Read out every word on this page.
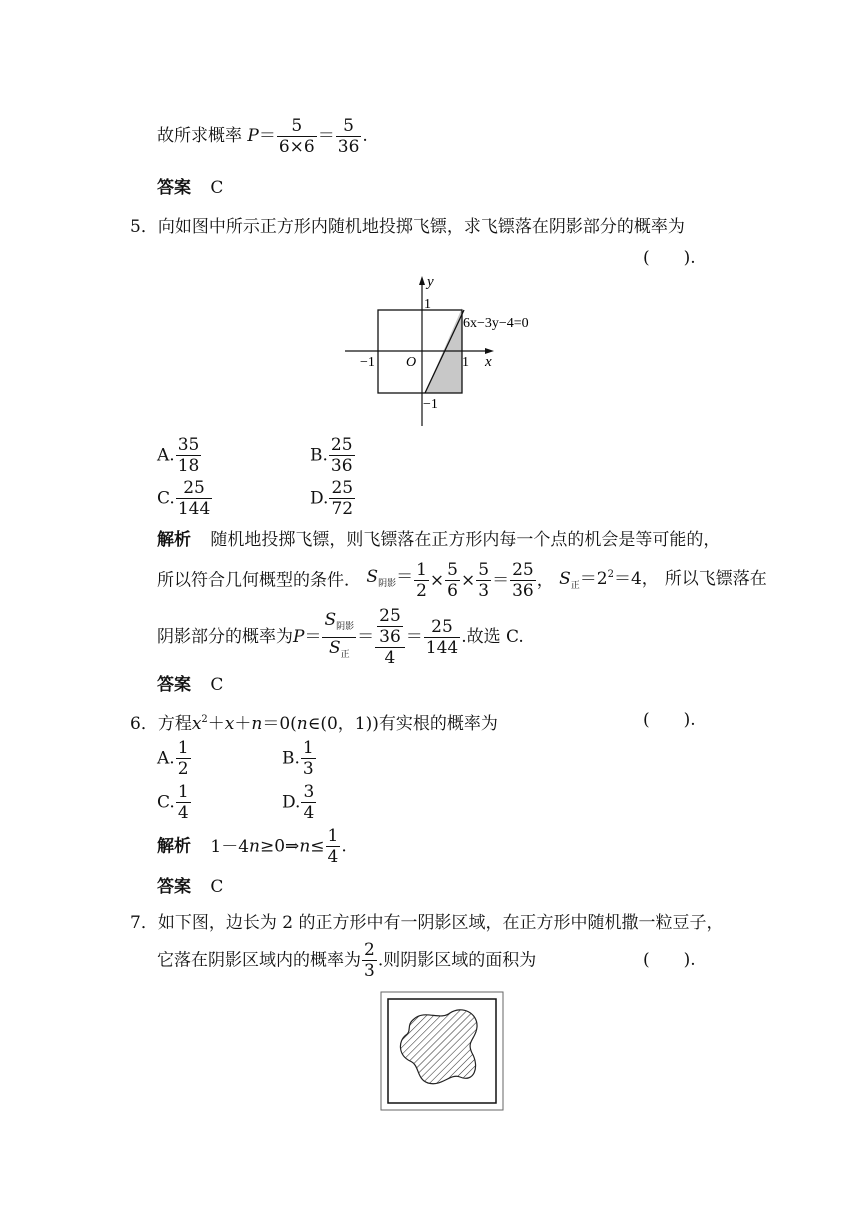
故所求概率 $P= \frac{5}{6\times 6} = \frac{5}{36}$ .
答案 C
5．向如图中所示正方形内随机地投掷飞镖，求飞镖落在阴影部分的概率为
(　　).
y
1
6x−3y−4=0
−1 O	1 x
−1
A. $\frac{35}{18}$	B. $\frac{25}{36}$
C. $\frac{25}{144}$	D. $\frac{25}{72}$
解析 随机地投掷飞镖，则飞镖落在正方形内每一个点的机会是等可能的，
所以符合几何概型的条件． $S_{阴影}= \frac{1}{2} \times \frac{5}{6} \times \frac{5}{3} = \frac{25}{36}$ ， $S_正=2^2=4$， 所以飞镖落在
阴影部分的概率为$P= \frac{S_{阴影}}{S_正} = \frac{\frac{25}{36}}{4} = \frac{25}{144}$ .故选 C.
答案 C
6．方程$x^2+x+n=0(n\in(0$，1))有实根的概率为	(　　).
A. $\frac{1}{2}$	B. $\frac{1}{3}$
C. $\frac{1}{4}$	D. $\frac{3}{4}$
解析 1－4n≥0⇒n≤ $\frac{1}{4}$ .
答案 C
7．如下图，边长为 2 的正方形中有一阴影区域，在正方形中随机撒一粒豆子，
它落在阴影区域内的概率为 $\frac{2}{3}$ .则阴影区域的面积为	(　　).
